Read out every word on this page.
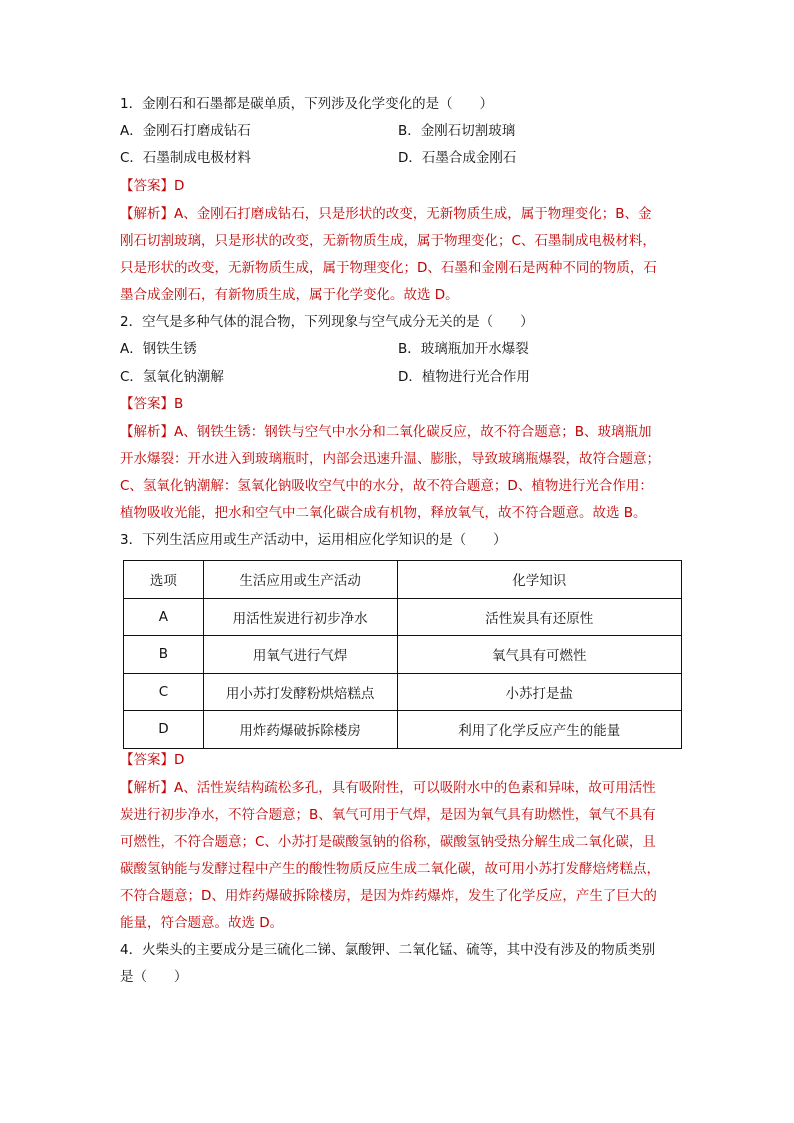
1．金刚石和石墨都是碳单质，下列涉及化学变化的是（　　）
A．金刚石打磨成钻石	B．金刚石切割玻璃
C．石墨制成电极材料	D．石墨合成金刚石
【答案】D
【解析】A、金刚石打磨成钻石，只是形状的改变，无新物质生成，属于物理变化；B、金
刚石切割玻璃，只是形状的改变，无新物质生成，属于物理变化；C、石墨制成电极材料，
只是形状的改变，无新物质生成，属于物理变化；D、石墨和金刚石是两种不同的物质，石
墨合成金刚石，有新物质生成，属于化学变化。故选 D。
2．空气是多种气体的混合物，下列现象与空气成分无关的是（　　）
A．钢铁生锈	B．玻璃瓶加开水爆裂
C．氢氧化钠潮解	D．植物进行光合作用
【答案】B
【解析】A、钢铁生锈：钢铁与空气中水分和二氧化碳反应，故不符合题意；B、玻璃瓶加
开水爆裂：开水进入到玻璃瓶时，内部会迅速升温、膨胀，导致玻璃瓶爆裂，故符合题意；
C、氢氧化钠潮解：氢氧化钠吸收空气中的水分，故不符合题意；D、植物进行光合作用：
植物吸收光能，把水和空气中二氧化碳合成有机物，释放氧气，故不符合题意。故选 B。
3．下列生活应用或生产活动中，运用相应化学知识的是（　　）
选项	生活应用或生产活动	化学知识
A	用活性炭进行初步净水	活性炭具有还原性
B	用氧气进行气焊	氧气具有可燃性
C	用小苏打发酵粉烘焙糕点	小苏打是盐
D	用炸药爆破拆除楼房	利用了化学反应产生的能量
【答案】D
【解析】A、活性炭结构疏松多孔，具有吸附性，可以吸附水中的色素和异味，故可用活性
炭进行初步净水，不符合题意；B、氧气可用于气焊，是因为氧气具有助燃性，氧气不具有
可燃性，不符合题意；C、小苏打是碳酸氢钠的俗称，碳酸氢钠受热分解生成二氧化碳，且
碳酸氢钠能与发酵过程中产生的酸性物质反应生成二氧化碳，故可用小苏打发酵焙烤糕点，
不符合题意；D、用炸药爆破拆除楼房，是因为炸药爆炸，发生了化学反应，产生了巨大的
能量，符合题意。故选 D。
4．火柴头的主要成分是三硫化二锑、氯酸钾、二氧化锰、硫等，其中没有涉及的物质类别
是（　　）
